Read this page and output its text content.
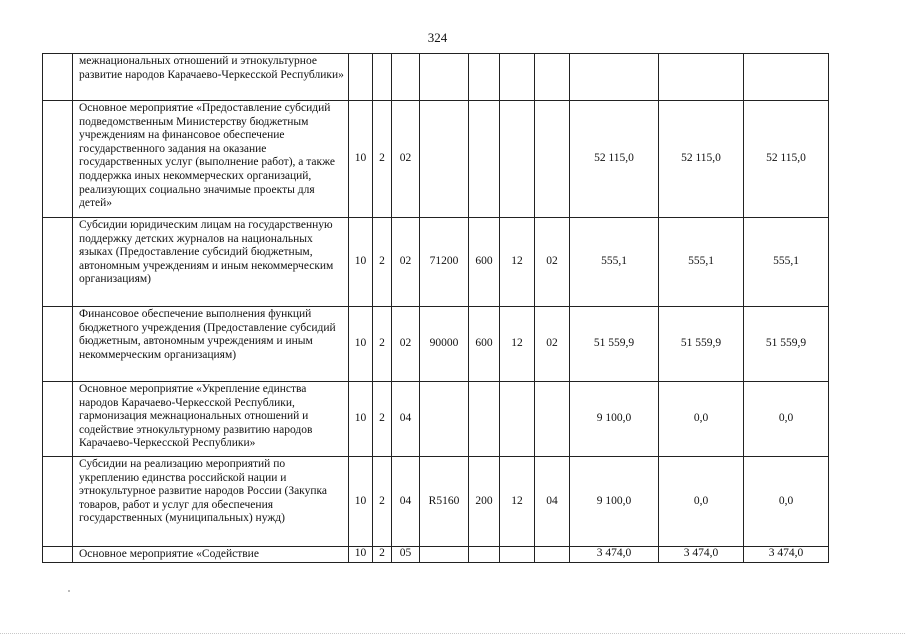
324
	межнациональных отношений и этнокультурное развитие народов Карачаево-Черкесской Республики»										
	Основное мероприятие «Предоставление субсидий подведомственным Министерству бюджетным учреждениям на финансовое обеспечение государственного задания на оказание государственных услуг (выполнение работ), а также поддержка иных некоммерческих организаций, реализующих социально значимые проекты для детей»	10	2	02					52 115,0	52 115,0	52 115,0
	Субсидии юридическим лицам на государственную поддержку детских журналов на национальных языках (Предоставление субсидий бюджетным, автономным учреждениям и иным некоммерческим организациям)	10	2	02	71200	600	12	02	555,1	555,1	555,1
	Финансовое обеспечение выполнения функций бюджетного учреждения (Предоставление субсидий бюджетным, автономным учреждениям и иным некоммерческим организациям)	10	2	02	90000	600	12	02	51 559,9	51 559,9	51 559,9
	Основное мероприятие «Укрепление единства народов Карачаево-Черкесской Республики, гармонизация межнациональных отношений и содействие этнокультурному развитию народов Карачаево-Черкесской Республики»	10	2	04					9 100,0	0,0	0,0
	Субсидии на реализацию мероприятий по укреплению единства российской нации и этнокультурное развитие народов России (Закупка товаров, работ и услуг для обеспечения государственных (муниципальных) нужд)	10	2	04	R5160	200	12	04	9 100,0	0,0	0,0
	Основное мероприятие «Содействие	10	2	05					3 474,0	3 474,0	3 474,0
